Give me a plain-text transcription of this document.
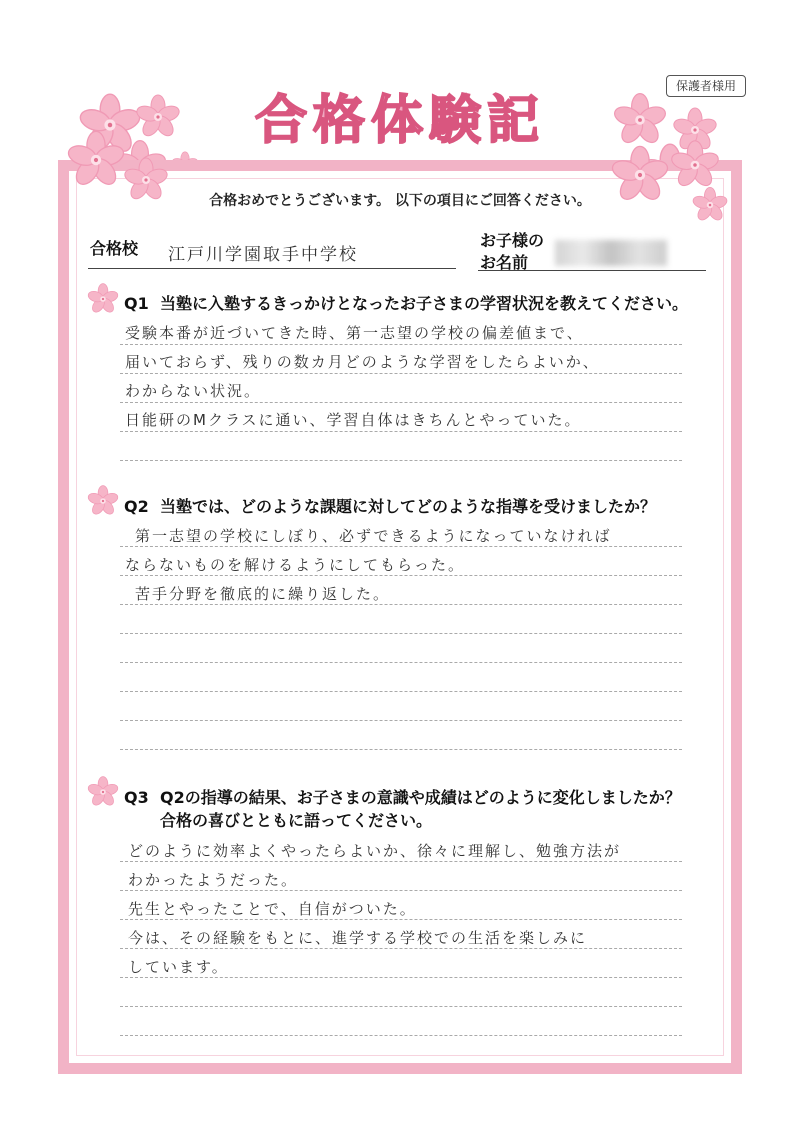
保護者様用
合格体験記
合格おめでとうございます。 以下の項目にご回答ください。
合格校 江戸川学園取手中学校
お子様の
お名前
Q1 当塾に入塾するきっかけとなったお子さまの学習状況を教えてください。
受験本番が近づいてきた時、第一志望の学校の偏差値まで、
届いておらず、残りの数カ月どのような学習をしたらよいか、
わからない状況。
日能研のMクラスに通い、学習自体はきちんとやっていた。
Q2 当塾では、どのような課題に対してどのような指導を受けましたか？
第一志望の学校にしぼり、必ずできるようになっていなければ
ならないものを解けるようにしてもらった。
苦手分野を徹底的に繰り返した。
Q3 Q2の指導の結果、お子さまの意識や成績はどのように変化しましたか？
合格の喜びとともに語ってください。
どのように効率よくやったらよいか、徐々に理解し、勉強方法が
わかったようだった。
先生とやったことで、自信がついた。
今は、その経験をもとに、進学する学校での生活を楽しみに
しています。
